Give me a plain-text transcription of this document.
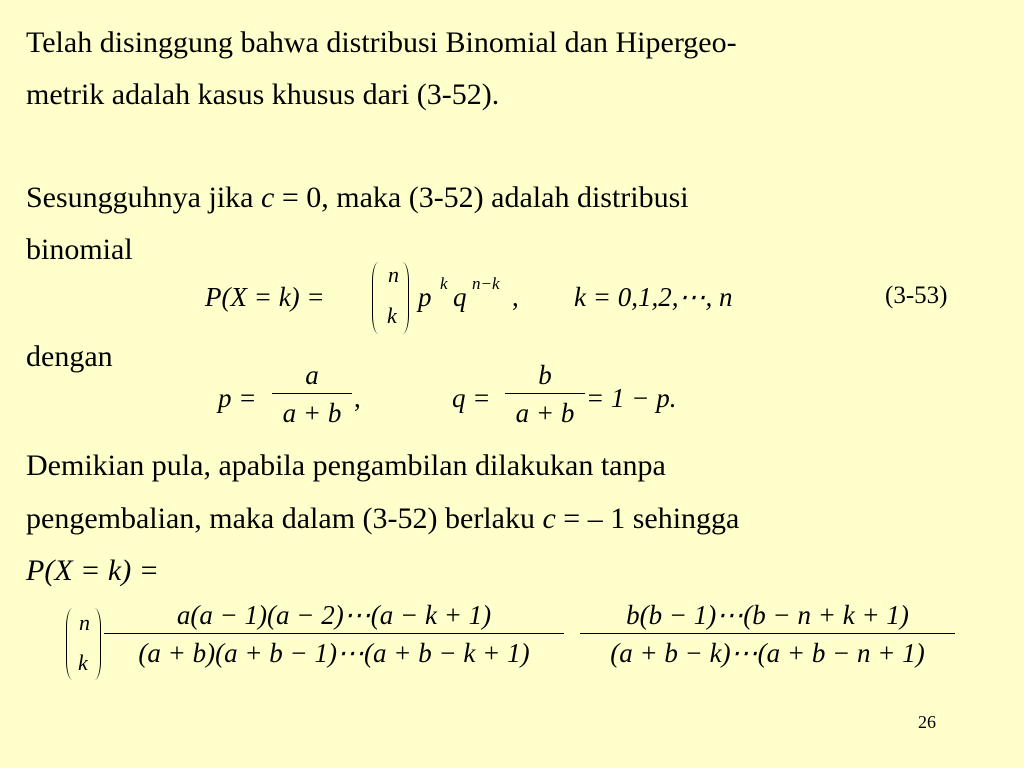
Telah disinggung bahwa distribusi Binomial dan Hipergeo-
metrik adalah kasus khusus dari (3-52).
Sesungguhnya jika c = 0, maka (3-52) adalah distribusi
binomial
P(X = k) =
n
k
p k q n−k , k = 0,1,2,⋯, n	(3-53)
dengan
p =
a
a + b ,	q =
b
a + b = 1 − p.
Demikian pula, apabila pengambilan dilakukan tanpa
pengembalian, maka dalam (3-52) berlaku c = – 1 sehingga
P(X = k) =
n
k
a(a − 1)(a − 2)⋯(a − k + 1)
(a + b)(a + b − 1)⋯(a + b − k + 1)
b(b − 1)⋯(b − n + k + 1)
(a + b − k)⋯(a + b − n + 1)
26
